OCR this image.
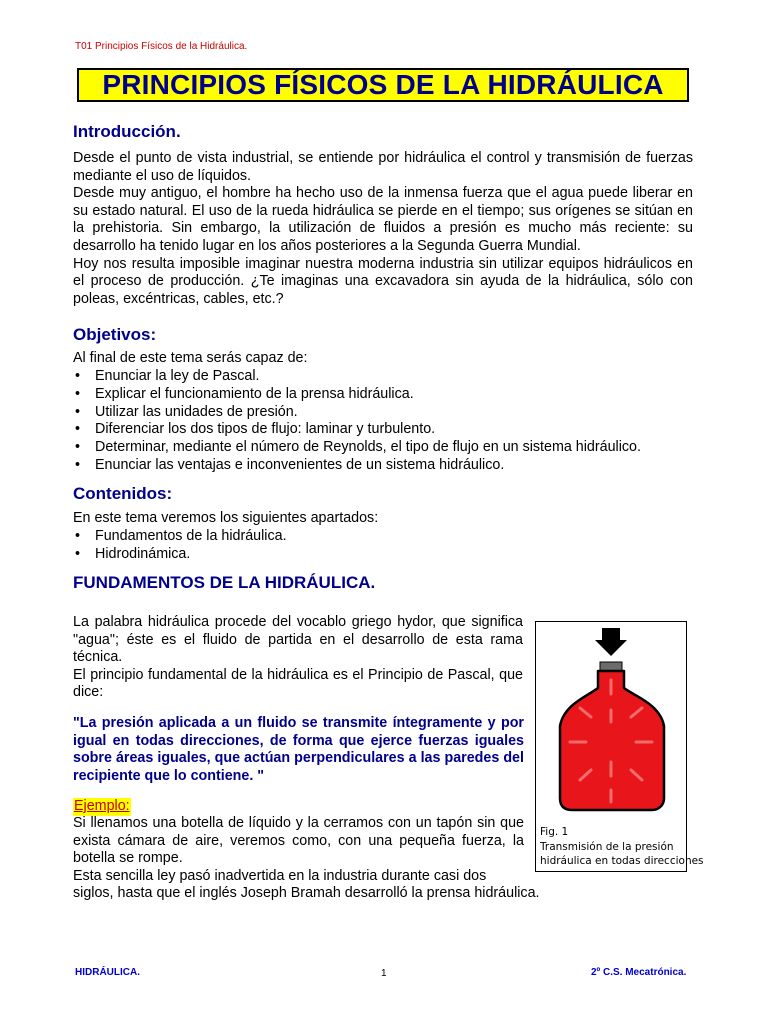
T01 Principios Físicos de la Hidráulica.
PRINCIPIOS FÍSICOS DE LA HIDRÁULICA
Introducción.

Desde el punto de vista industrial, se entiende por hidráulica el control y transmisión de fuerzas mediante el uso de líquidos.

Desde muy antiguo, el hombre ha hecho uso de la inmensa fuerza que el agua puede liberar en su estado natural. El uso de la rueda hidráulica se pierde en el tiempo; sus orígenes se sitúan en la prehistoria. Sin embargo, la utilización de fluidos a presión es mucho más reciente: su desarrollo ha tenido lugar en los años posteriores a la Segunda Guerra Mundial.

Hoy nos resulta imposible imaginar nuestra moderna industria sin utilizar equipos hidráulicos en el proceso de producción. ¿Te imaginas una excavadora sin ayuda de la hidráulica, sólo con poleas, excéntricas, cables, etc.?

Objetivos:
Al final de este tema serás capaz de:
• Enunciar la ley de Pascal.
• Explicar el funcionamiento de la prensa hidráulica.
• Utilizar las unidades de presión.
• Diferenciar los dos tipos de flujo: laminar y turbulento.
• Determinar, mediante el número de Reynolds, el tipo de flujo en un sistema hidráulico.
• Enunciar las ventajas e inconvenientes de un sistema hidráulico.
Contenidos:
En este tema veremos los siguientes apartados:
• Fundamentos de la hidráulica.
• Hidrodinámica.
FUNDAMENTOS DE LA HIDRÁULICA.

La palabra hidráulica procede del vocablo griego hydor, que significa "agua"; éste es el fluido de partida en el desarrollo de esta rama técnica.

El principio fundamental de la hidráulica es el Principio de Pascal, que dice:

"La presión aplicada a un fluido se transmite íntegramente y por igual en todas direcciones, de forma que ejerce fuerzas iguales sobre áreas iguales, que actúan perpendiculares a las paredes del recipiente que lo contiene. "
Ejemplo:

Si llenamos una botella de líquido y la cerramos con un tapón sin que exista cámara de aire, veremos como, con una pequeña fuerza, la botella se rompe.

Esta sencilla ley pasó inadvertida en la industria durante casi dos

siglos, hasta que el inglés Joseph Bramah desarrolló la prensa hidráulica.
Fig. 1
Transmisión de la presión
hidráulica en todas direcciones
HIDRÁULICA.	1	2º C.S. Mecatrónica.
